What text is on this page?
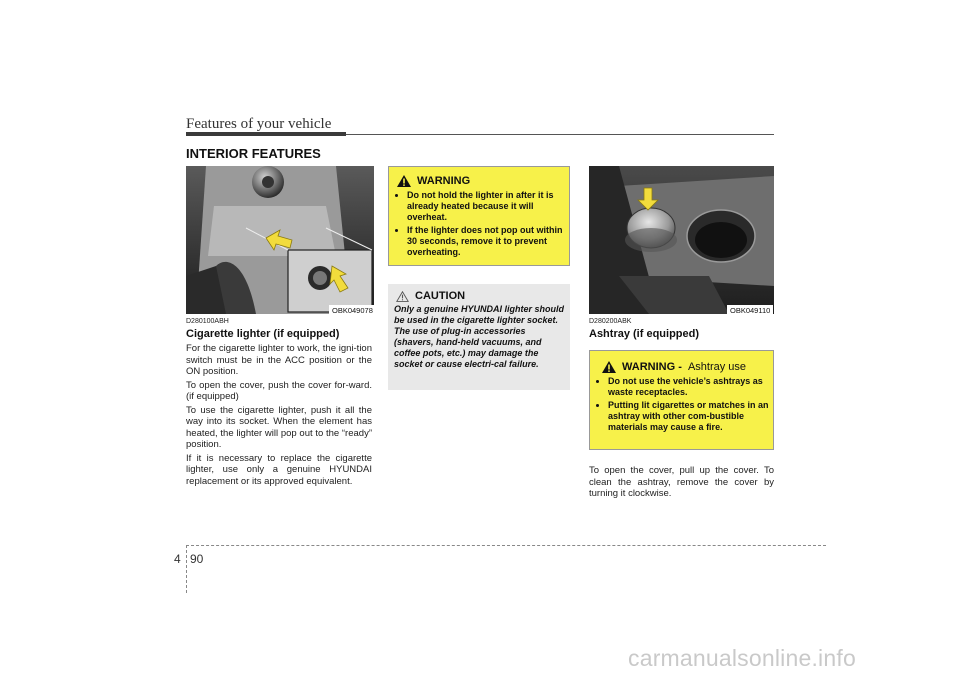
Features of your vehicle
INTERIOR FEATURES
OBK049078
D280100ABH
Cigarette lighter (if equipped)

For the cigarette lighter to work, the igni-tion switch must be in the ACC position or the ON position.

To open the cover, push the cover for-ward. (if equipped)

To use the cigarette lighter, push it all the way into its socket. When the element has heated, the lighter will pop out to the “ready” position.

If it is necessary to replace the cigarette lighter, use only a genuine HYUNDAI replacement or its approved equivalent.

WARNING
• Do not hold the lighter in after it is already heated because it will overheat.
• If the lighter does not pop out within 30 seconds, remove it to prevent overheating.
CAUTION
Only a genuine HYUNDAI lighter should be used in the cigarette lighter socket. The use of plug-in accessories (shavers, hand-held vacuums, and coffee pots, etc.) may damage the socket or cause electri-cal failure.
OBK049110
D280200ABK
Ashtray (if equipped)
WARNING - Ashtray use
• Do not use the vehicle’s ashtrays as waste receptacles.
• Putting lit cigarettes or matches in an ashtray with other com-bustible materials may cause a fire.
To open the cover, pull up the cover. To clean the ashtray, remove the cover by turning it clockwise.
4 90
carmanualsonline.info
